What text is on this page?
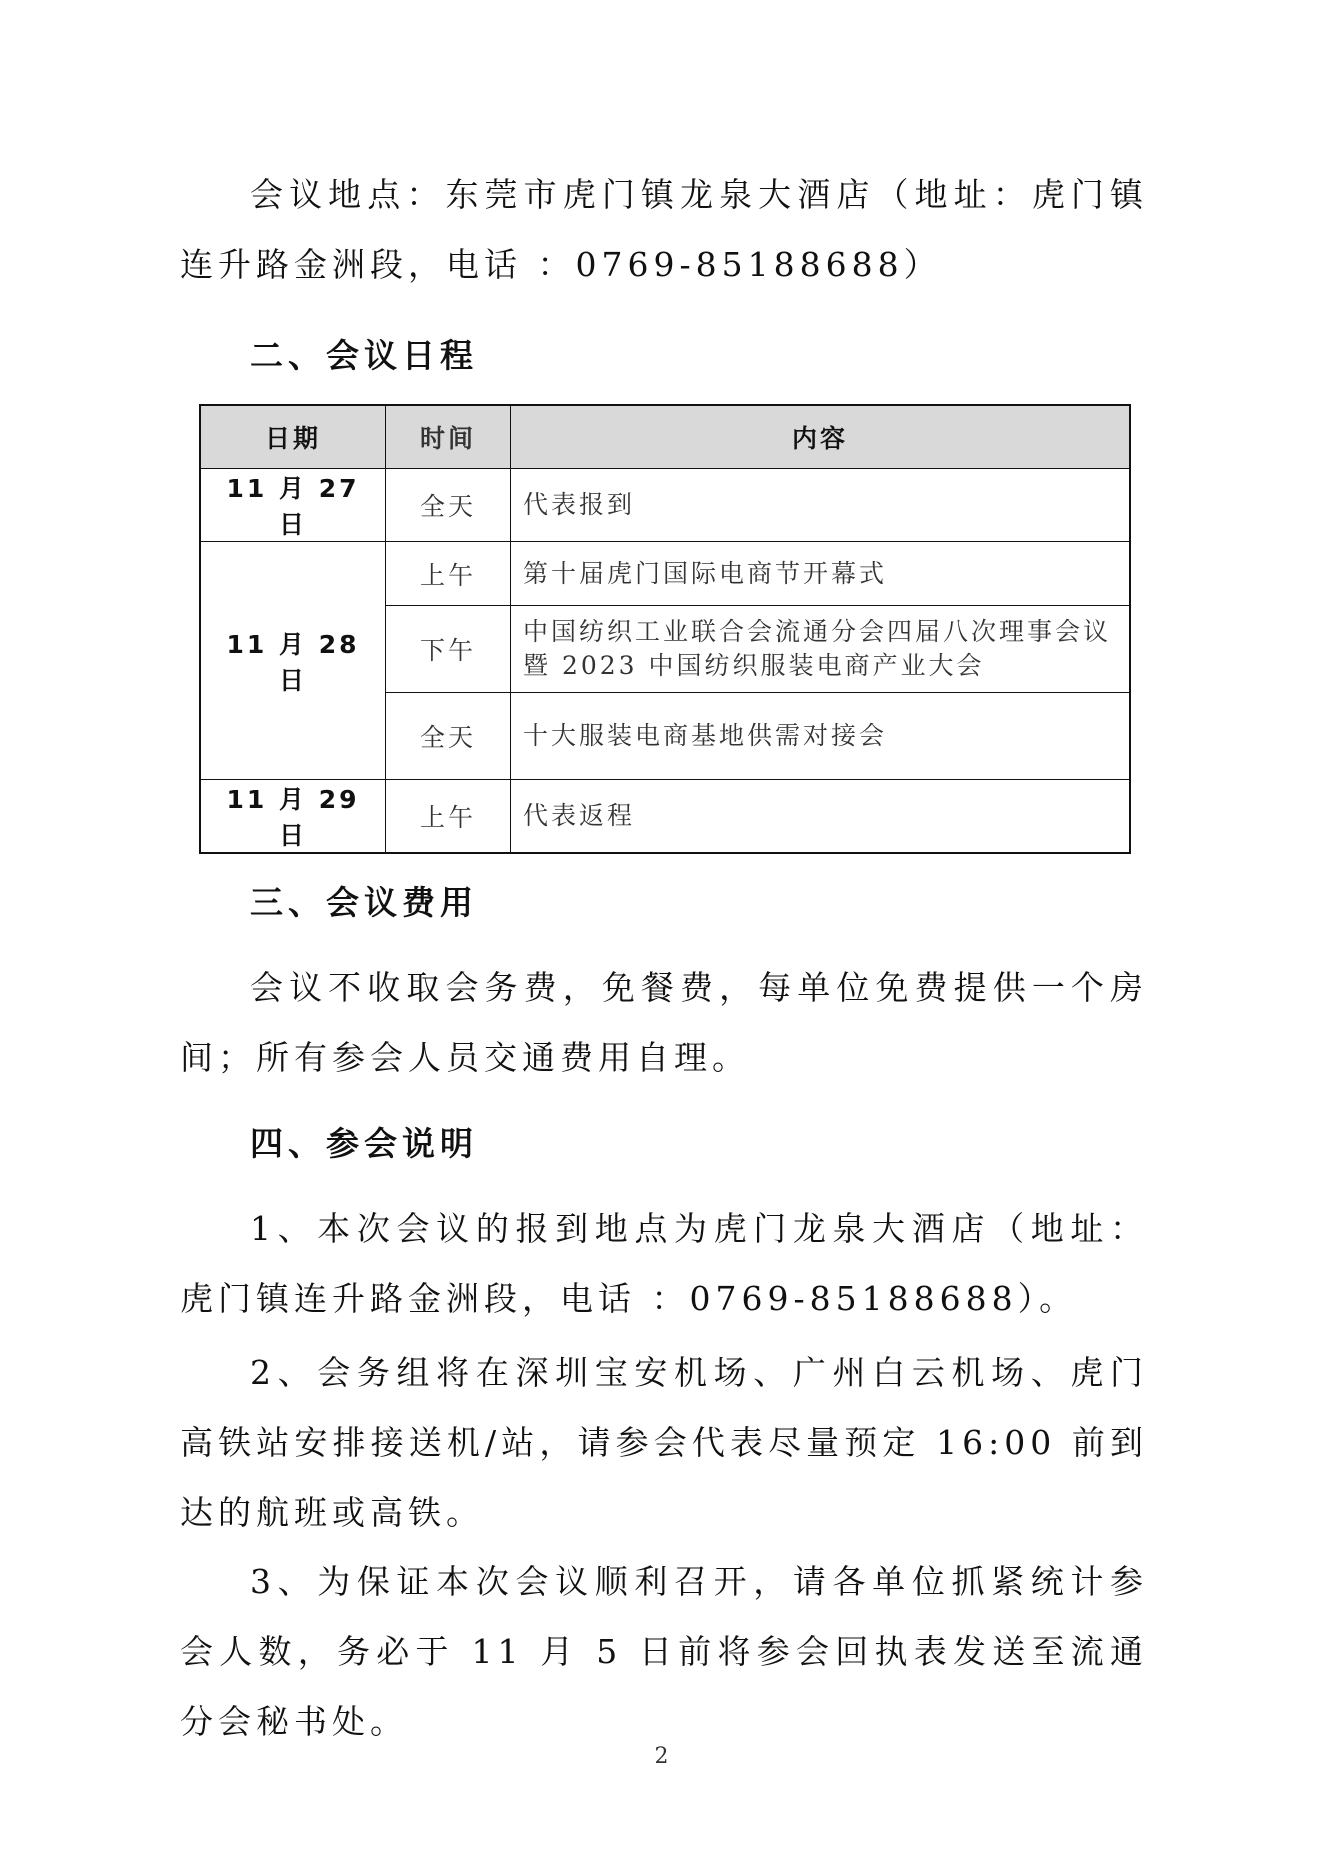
会议地点：东莞市虎门镇龙泉大酒店（地址：虎门镇连升路金洲段，电话 ：0769-85188688）

二、会议日程
日期	时间	内容
11 月 27 日	全天	代表报到
11 月 28 日	上午	第十届虎门国际电商节开幕式
	下午	中国纺织工业联合会流通分会四届八次理事会议暨 2023 中国纺织服装电商产业大会
	全天	十大服装电商基地供需对接会
11 月 29 日	上午	代表返程
三、会议费用

会议不收取会务费，免餐费，每单位免费提供一个房间；所有参会人员交通费用自理。

四、参会说明

1、本次会议的报到地点为虎门龙泉大酒店（地址：虎门镇连升路金洲段，电话 ：0769-85188688）。

2、会务组将在深圳宝安机场、广州白云机场、虎门高铁站安排接送机/站，请参会代表尽量预定 16:00 前到达的航班或高铁。

3、为保证本次会议顺利召开，请各单位抓紧统计参会人数，务必于 11 月 5 日前将参会回执表发送至流通分会秘书处。

2
